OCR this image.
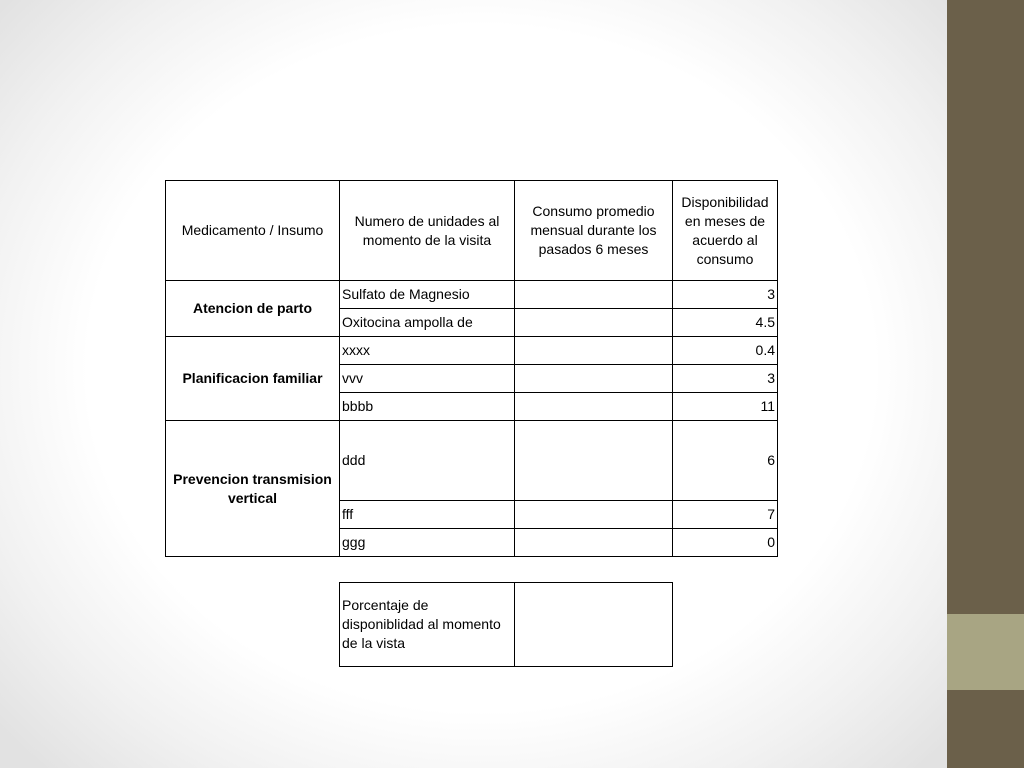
Medicamento / Insumo	Numero de unidades al momento de la visita	Consumo promedio mensual durante los pasados 6 meses	Disponibilidad en meses de acuerdo al consumo
Atencion de parto	Sulfato de Magnesio		3
	Oxitocina ampolla de		4.5
Planificacion familiar	xxxx		0.4
	vvv		3
	bbbb		11
Prevencion transmision vertical	ddd		6
	fff		7
	ggg		0
Porcentaje de disponiblidad al momento de la vista	
